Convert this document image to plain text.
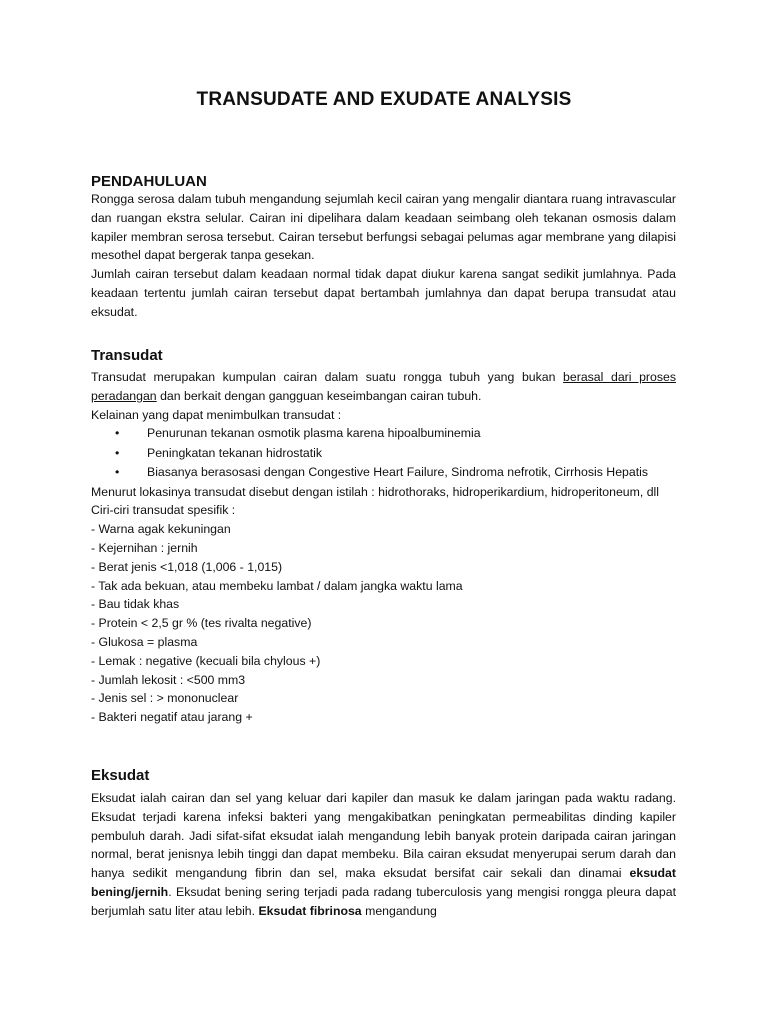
TRANSUDATE AND EXUDATE ANALYSIS
PENDAHULUAN

Rongga serosa dalam tubuh mengandung sejumlah kecil cairan yang mengalir diantara ruang intravascular dan ruangan ekstra selular. Cairan ini dipelihara dalam keadaan seimbang oleh tekanan osmosis dalam kapiler membran serosa tersebut. Cairan tersebut berfungsi sebagai pelumas agar membrane yang dilapisi mesothel dapat bergerak tanpa gesekan.

Jumlah cairan tersebut dalam keadaan normal tidak dapat diukur karena sangat sedikit jumlahnya. Pada keadaan tertentu jumlah cairan tersebut dapat bertambah jumlahnya dan dapat berupa transudat atau eksudat.

Transudat

Transudat merupakan kumpulan cairan dalam suatu rongga tubuh yang bukan berasal dari proses peradangan dan berkait dengan gangguan keseimbangan cairan tubuh.

Kelainan yang dapat menimbulkan transudat :

• Penurunan tekanan osmotik plasma karena hipoalbuminemia
• Peningkatan tekanan hidrostatik
• Biasanya berasosasi dengan Congestive Heart Failure, Sindroma nefrotik, Cirrhosis Hepatis

Menurut lokasinya transudat disebut dengan istilah : hidrothoraks, hidroperikardium, hidroperitoneum, dll

Ciri-ciri transudat spesifik :

- Warna agak kekuningan
- Kejernihan : jernih
- Berat jenis <1,018 (1,006 - 1,015)
- Tak ada bekuan, atau membeku lambat / dalam jangka waktu lama
- Bau tidak khas
- Protein < 2,5 gr % (tes rivalta negative)
- Glukosa = plasma
- Lemak : negative (kecuali bila chylous +)
- Jumlah lekosit : <500 mm3
- Jenis sel : > mononuclear
- Bakteri negatif atau jarang +
Eksudat

Eksudat ialah cairan dan sel yang keluar dari kapiler dan masuk ke dalam jaringan pada waktu radang. Eksudat terjadi karena infeksi bakteri yang mengakibatkan peningkatan permeabilitas dinding kapiler pembuluh darah. Jadi sifat-sifat eksudat ialah mengandung lebih banyak protein daripada cairan jaringan normal, berat jenisnya lebih tinggi dan dapat membeku. Bila cairan eksudat menyerupai serum darah dan hanya sedikit mengandung fibrin dan sel, maka eksudat bersifat cair sekali dan dinamai eksudat bening/jernih. Eksudat bening sering terjadi pada radang tuberculosis yang mengisi rongga pleura dapat berjumlah satu liter atau lebih. Eksudat fibrinosa mengandung
